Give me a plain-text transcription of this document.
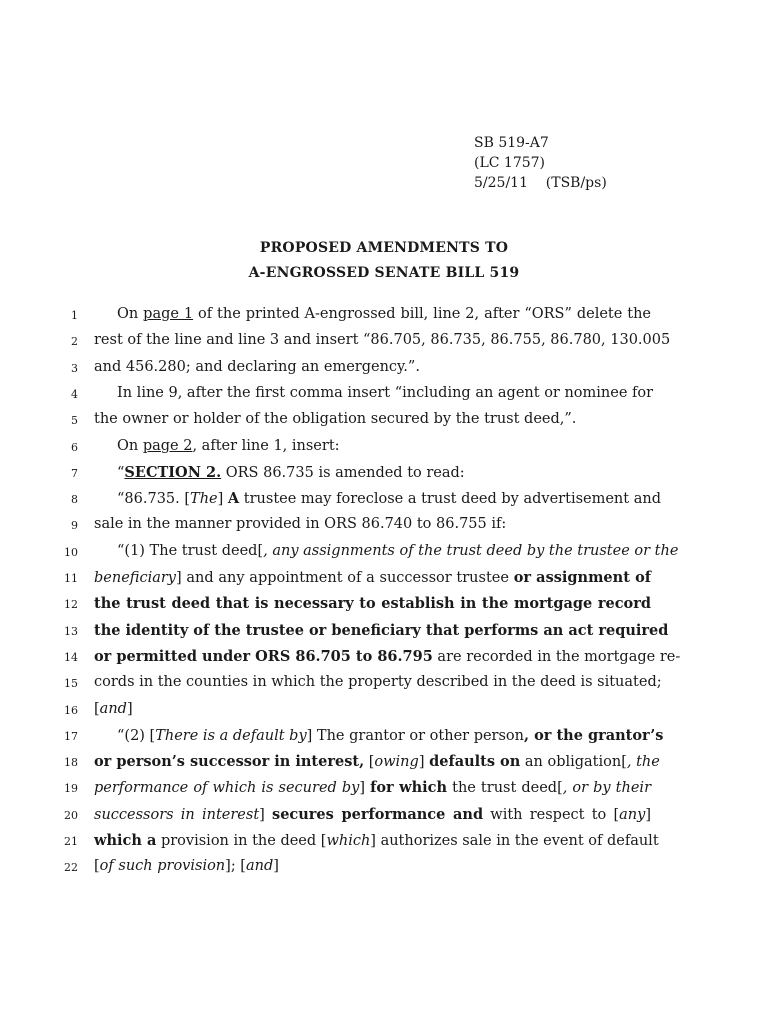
SB 519-A7
(LC 1757)
5/25/11    (TSB/ps)
PROPOSED AMENDMENTS TO
A-ENGROSSED SENATE BILL 519
1	On page 1 of the printed A-engrossed bill, line 2, after “ORS” delete the
2 rest of the line and line 3 and insert “86.705, 86.735, 86.755, 86.780, 130.005
3 and 456.280; and declaring an emergency.”.
4	In line 9, after the first comma insert “including an agent or nominee for
5 the owner or holder of the obligation secured by the trust deed,”.
6	On page 2, after line 1, insert:
7	“SECTION 2. ORS 86.735 is amended to read:
8	“86.735. [The] A trustee may foreclose a trust deed by advertisement and
9 sale in the manner provided in ORS 86.740 to 86.755 if:
10	“(1) The trust deed[, any assignments of the trust deed by the trustee or the
11 beneficiary] and any appointment of a successor trustee or assignment of
12 the trust deed that is necessary to establish in the mortgage record
13 the identity of the trustee or beneficiary that performs an act required
14 or permitted under ORS 86.705 to 86.795 are recorded in the mortgage re-
15 cords in the counties in which the property described in the deed is situated;
16 [and]
17	“(2) [There is a default by] The grantor or other person, or the grantor’s
18 or person’s successor in interest, [owing] defaults on an obligation[, the
19 performance of which is secured by] for which the trust deed[, or by their
20 successors in interest] secures performance and with respect to [any]
21 which a provision in the deed [which] authorizes sale in the event of default
22 [of such provision]; [and]
